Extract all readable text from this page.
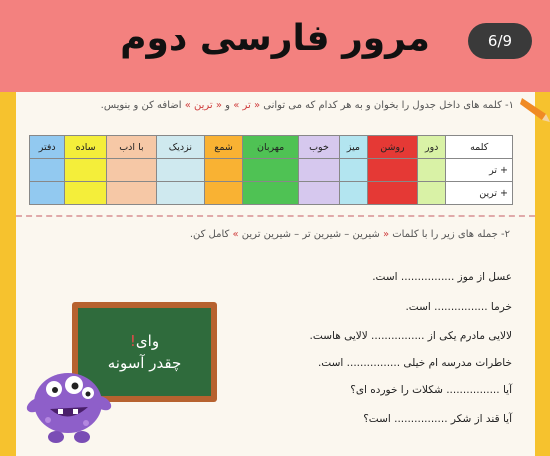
مرور فارسی دوم	6/9
۱- کلمه های داخل جدول را بخوان و به هر کدام که می توانی « تر » و « ترین » اضافه کن و بنویس.
کلمه	دور	روشن	میز	خوب	مهربان	شمع	نزدیک	با ادب	ساده	دفتر
+ تر										
+ ترین										
۲- جمله های زیر را با کلمات « شیرین – شیرین تر – شیرین ترین » کامل کن.
عسل از موز ................ است.
خرما ................ است.
لالایی مادرم یکی از ................ لالایی هاست.
خاطرات مدرسه ام خیلی ................ است.
آیا ................ شکلات را خورده ای؟
آیا قند از شکر ................ است؟
وای!
چقدر آسونه
